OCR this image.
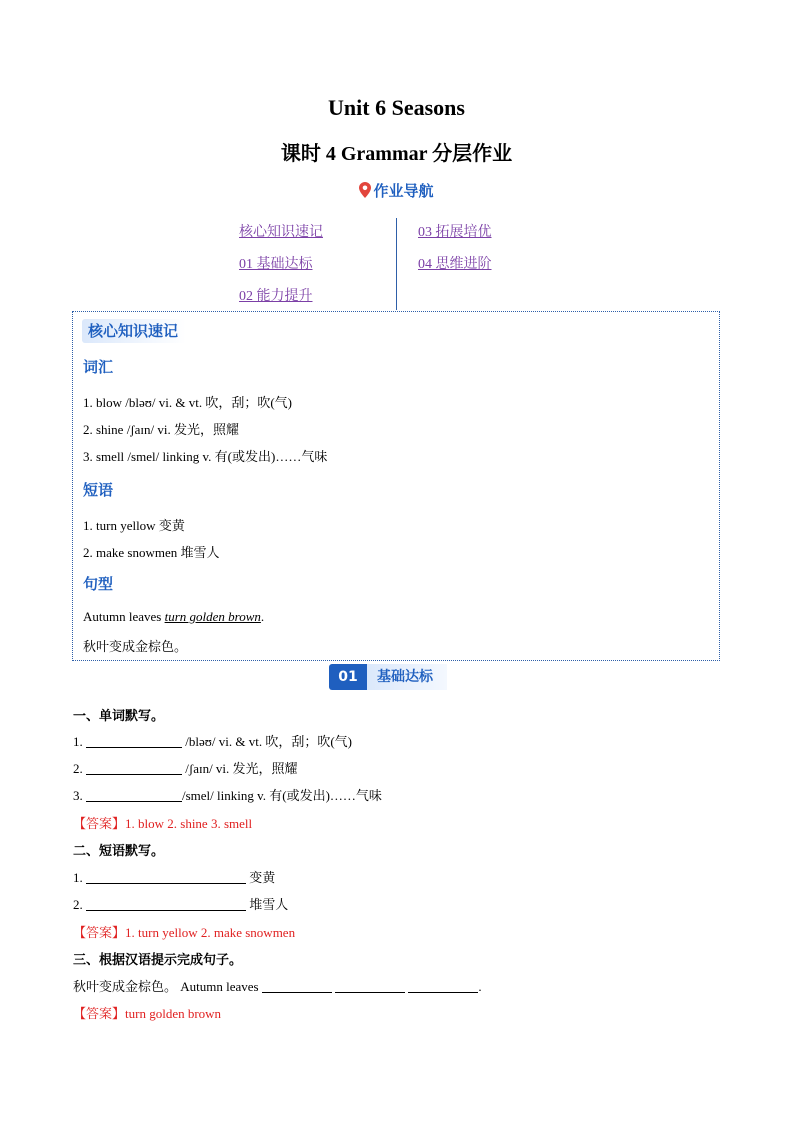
Unit 6 Seasons
课时 4 Grammar 分层作业
作业导航
核心知识速记
01 基础达标
02 能力提升
03 拓展培优
04 思维进阶
核心知识速记
词汇
1. blow /bləʊ/ vi. & vt. 吹，刮；吹(气)
2. shine /ʃaɪn/ vi. 发光，照耀
3. smell /smel/ linking v. 有(或发出)……气味
短语
1. turn yellow 变黄
2. make snowmen 堆雪人
句型
Autumn leaves turn golden brown.
秋叶变成金棕色。
01	基础达标
一、单词默写。
1.	/bləʊ/ vi. & vt. 吹，刮；吹(气)
2.	/ʃaɪn/ vi. 发光，照耀
3.	/smel/ linking v. 有(或发出)……气味
【答案】1. blow 2. shine 3. smell
二、短语默写。
1.	变黄
2.	堆雪人
【答案】1. turn yellow 2. make snowmen
三、根据汉语提示完成句子。
秋叶变成金棕色。 Autumn leaves	.
【答案】turn golden brown
